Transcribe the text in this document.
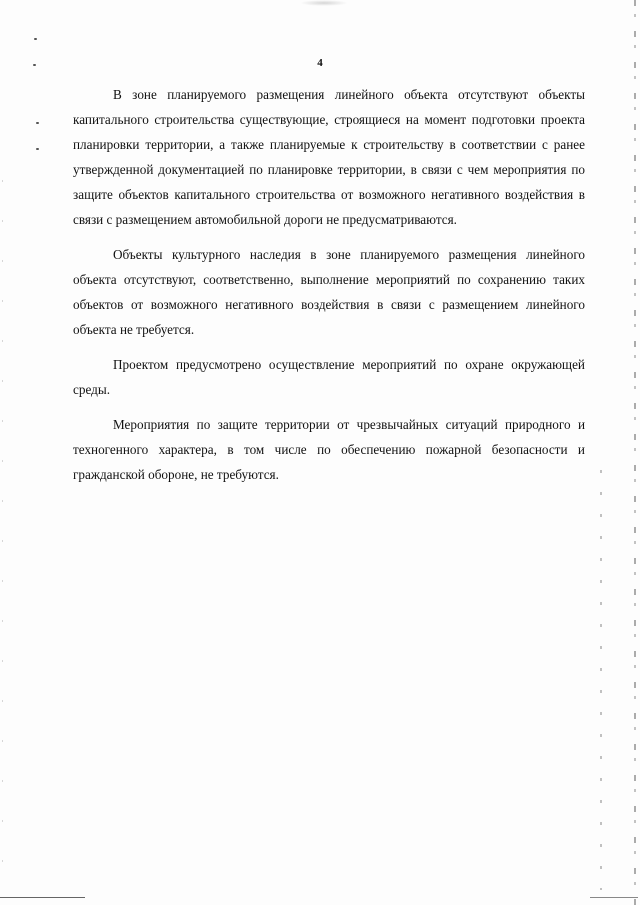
4

В зоне планируемого размещения линейного объекта отсутствуют объекты капитального строительства существующие, строящиеся на момент подготовки проекта планировки территории, а также планируемые к строительству в соответствии с ранее утвержденной документацией по планировке территории, в связи с чем мероприятия по защите объектов капитального строительства от возможного негативного воздействия в связи с размещением автомобильной дороги не предусматриваются.

Объекты культурного наследия в зоне планируемого размещения линейного объекта отсутствуют, соответственно, выполнение мероприятий по сохранению таких объектов от возможного негативного воздействия в связи с размещением линейного объекта не требуется.

Проектом предусмотрено осуществление мероприятий по охране окружающей среды.

Мероприятия по защите территории от чрезвычайных ситуаций природного и техногенного характера, в том числе по обеспечению пожарной безопасности и гражданской обороне, не требуются.
